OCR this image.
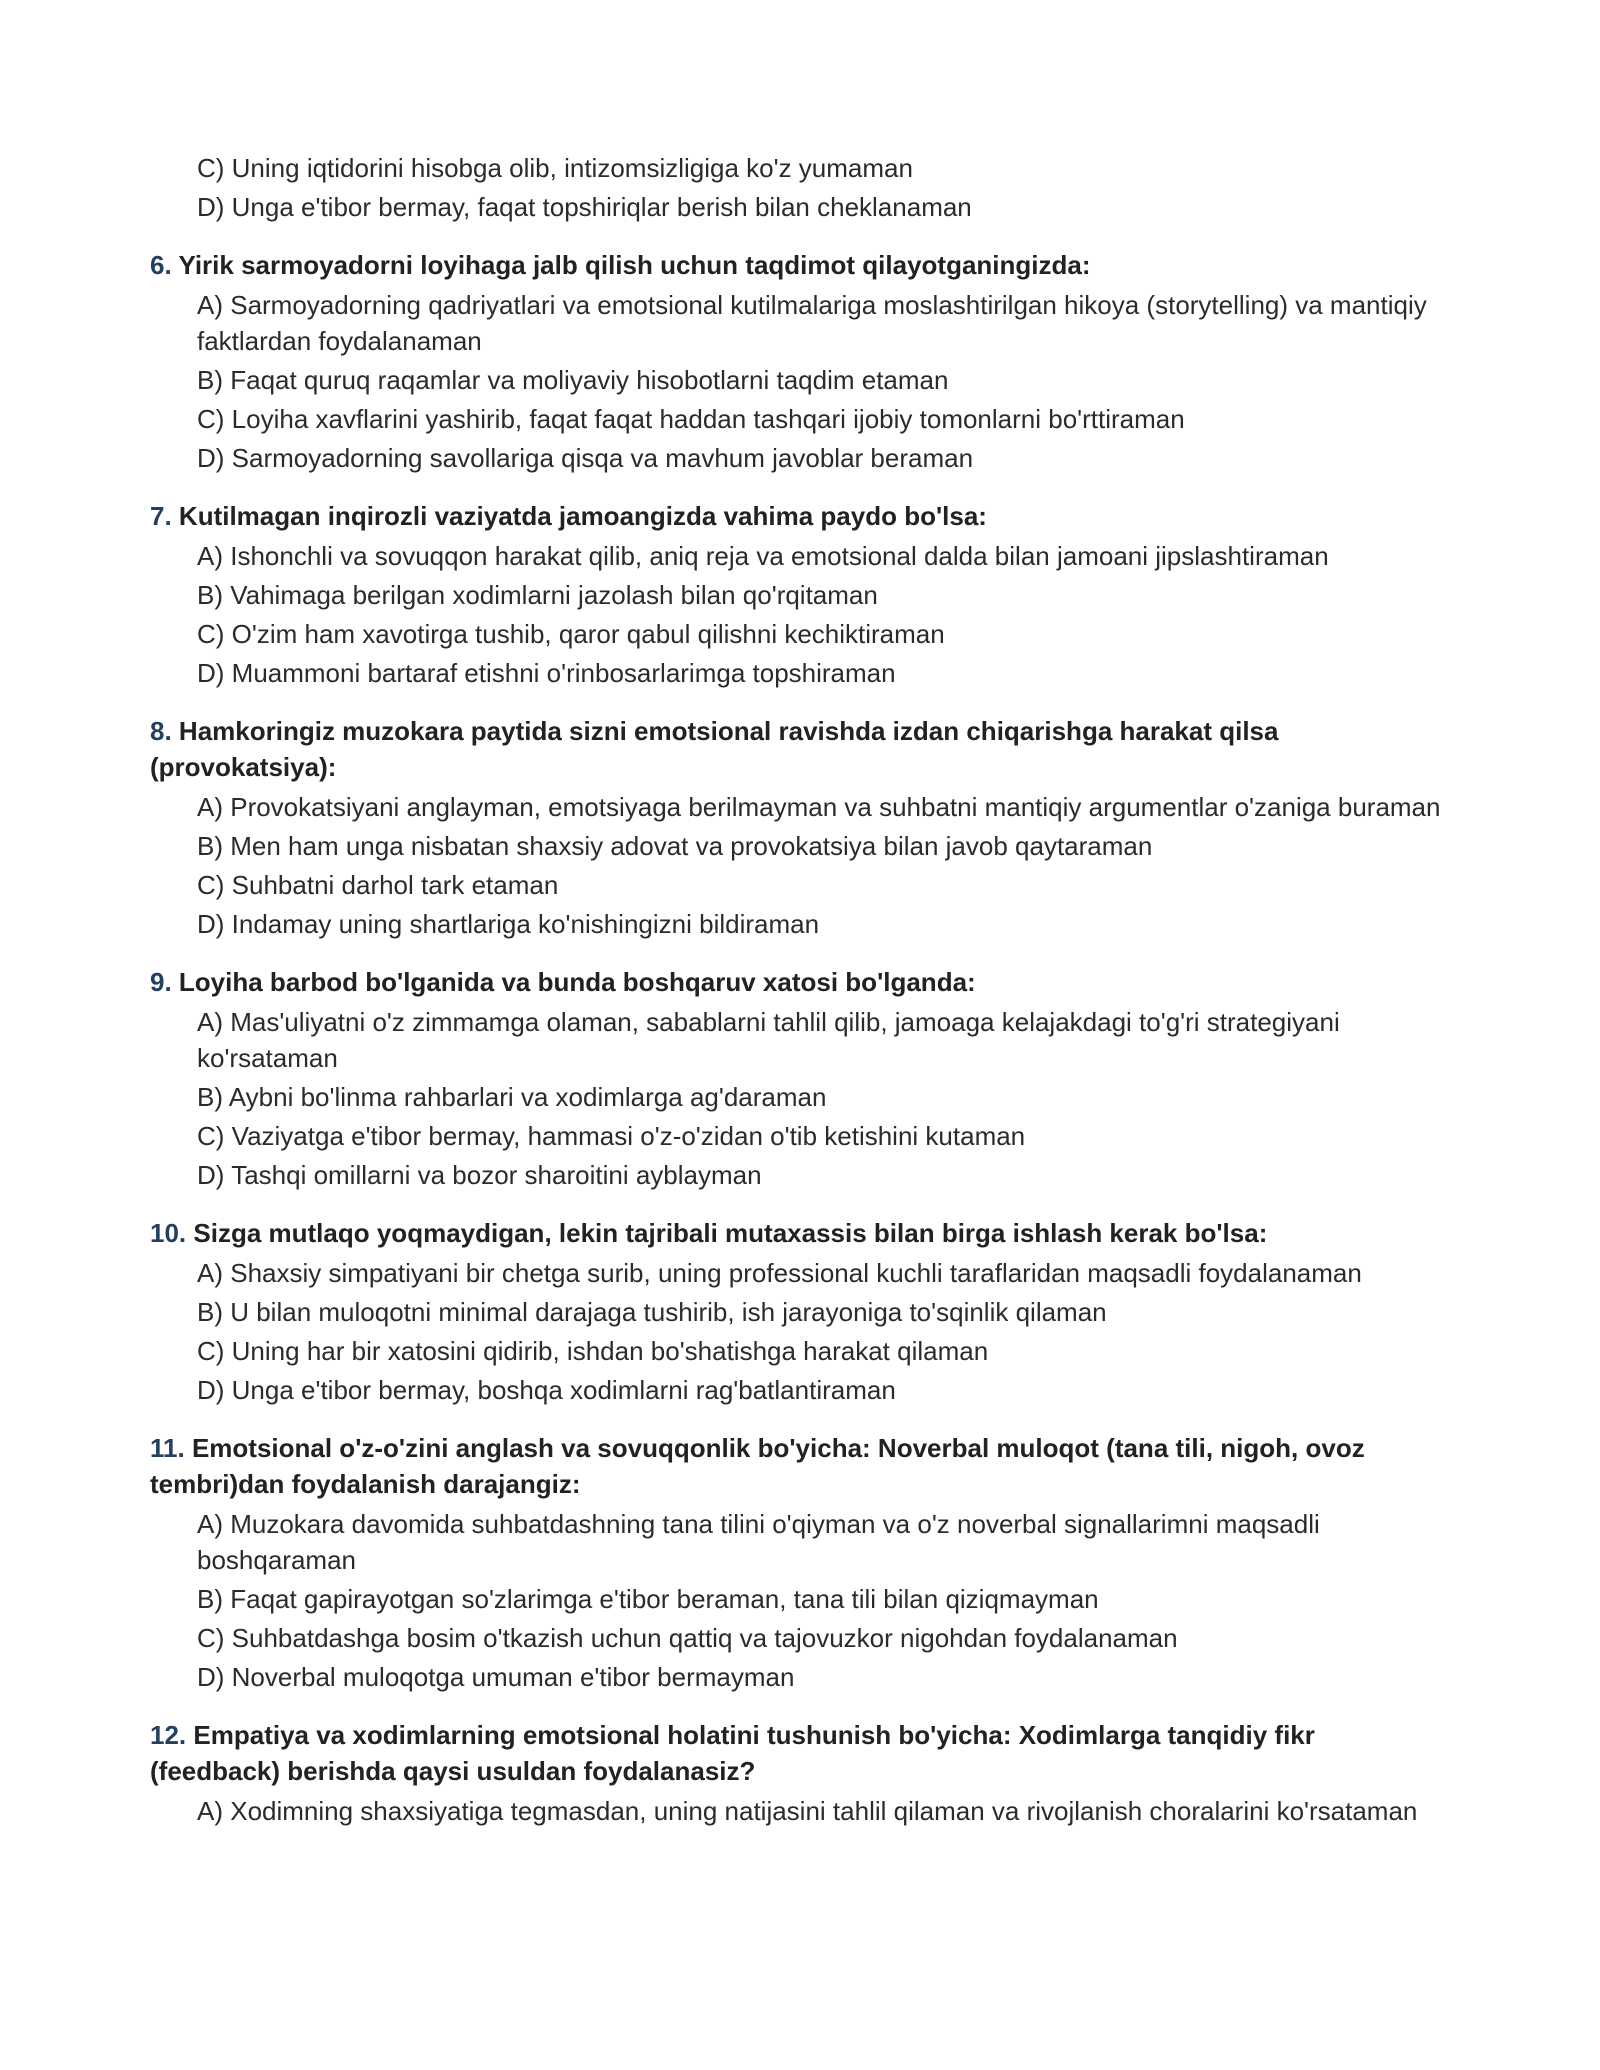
C) Uning iqtidorini hisobga olib, intizomsizligiga ko'z yumaman
D) Unga e'tibor bermay, faqat topshiriqlar berish bilan cheklanaman
6. Yirik sarmoyadorni loyihaga jalb qilish uchun taqdimot qilayotganingizda:
A) Sarmoyadorning qadriyatlari va emotsional kutilmalariga moslashtirilgan hikoya (storytelling) va mantiqiy faktlardan foydalanaman
B) Faqat quruq raqamlar va moliyaviy hisobotlarni taqdim etaman
C) Loyiha xavflarini yashirib, faqat faqat haddan tashqari ijobiy tomonlarni bo'rttiraman
D) Sarmoyadorning savollariga qisqa va mavhum javoblar beraman
7. Kutilmagan inqirozli vaziyatda jamoangizda vahima paydo bo'lsa:
A) Ishonchli va sovuqqon harakat qilib, aniq reja va emotsional dalda bilan jamoani jipslashtiraman
B) Vahimaga berilgan xodimlarni jazolash bilan qo'rqitaman
C) O'zim ham xavotirga tushib, qaror qabul qilishni kechiktiraman
D) Muammoni bartaraf etishni o'rinbosarlarimga topshiraman
8. Hamkoringiz muzokara paytida sizni emotsional ravishda izdan chiqarishga harakat qilsa (provokatsiya):
A) Provokatsiyani anglayman, emotsiyaga berilmayman va suhbatni mantiqiy argumentlar o'zaniga buraman
B) Men ham unga nisbatan shaxsiy adovat va provokatsiya bilan javob qaytaraman
C) Suhbatni darhol tark etaman
D) Indamay uning shartlariga ko'nishingizni bildiraman
9. Loyiha barbod bo'lganida va bunda boshqaruv xatosi bo'lganda:
A) Mas'uliyatni o'z zimmamga olaman, sabablarni tahlil qilib, jamoaga kelajakdagi to'g'ri strategiyani ko'rsataman
B) Aybni bo'linma rahbarlari va xodimlarga ag'daraman
C) Vaziyatga e'tibor bermay, hammasi o'z-o'zidan o'tib ketishini kutaman
D) Tashqi omillarni va bozor sharoitini ayblayman
10. Sizga mutlaqo yoqmaydigan, lekin tajribali mutaxassis bilan birga ishlash kerak bo'lsa:
A) Shaxsiy simpatiyani bir chetga surib, uning professional kuchli taraflaridan maqsadli foydalanaman
B) U bilan muloqotni minimal darajaga tushirib, ish jarayoniga to'sqinlik qilaman
C) Uning har bir xatosini qidirib, ishdan bo'shatishga harakat qilaman
D) Unga e'tibor bermay, boshqa xodimlarni rag'batlantiraman
11. Emotsional o'z-o'zini anglash va sovuqqonlik bo'yicha: Noverbal muloqot (tana tili, nigoh, ovoz tembri)dan foydalanish darajangiz:
A) Muzokara davomida suhbatdashning tana tilini o'qiyman va o'z noverbal signallarimni maqsadli boshqaraman
B) Faqat gapirayotgan so'zlarimga e'tibor beraman, tana tili bilan qiziqmayman
C) Suhbatdashga bosim o'tkazish uchun qattiq va tajovuzkor nigohdan foydalanaman
D) Noverbal muloqotga umuman e'tibor bermayman
12. Empatiya va xodimlarning emotsional holatini tushunish bo'yicha: Xodimlarga tanqidiy fikr (feedback) berishda qaysi usuldan foydalanasiz?
A) Xodimning shaxsiyatiga tegmasdan, uning natijasini tahlil qilaman va rivojlanish choralarini ko'rsataman
